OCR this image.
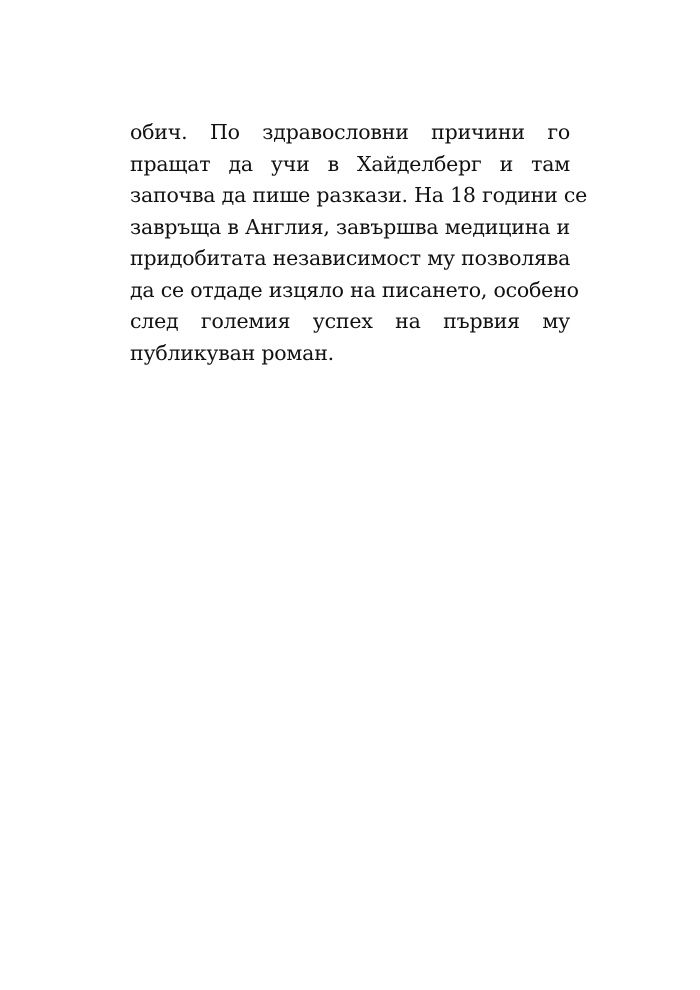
обич. По здравословни причини го
пращат да учи в Хайделберг и там
започва да пише разкази. На 18 години се
завръща в Англия, завършва медицина и
придобитата независимост му позволява
да се отдаде изцяло на писането, особено
след големия успех на първия му
публикуван роман.
